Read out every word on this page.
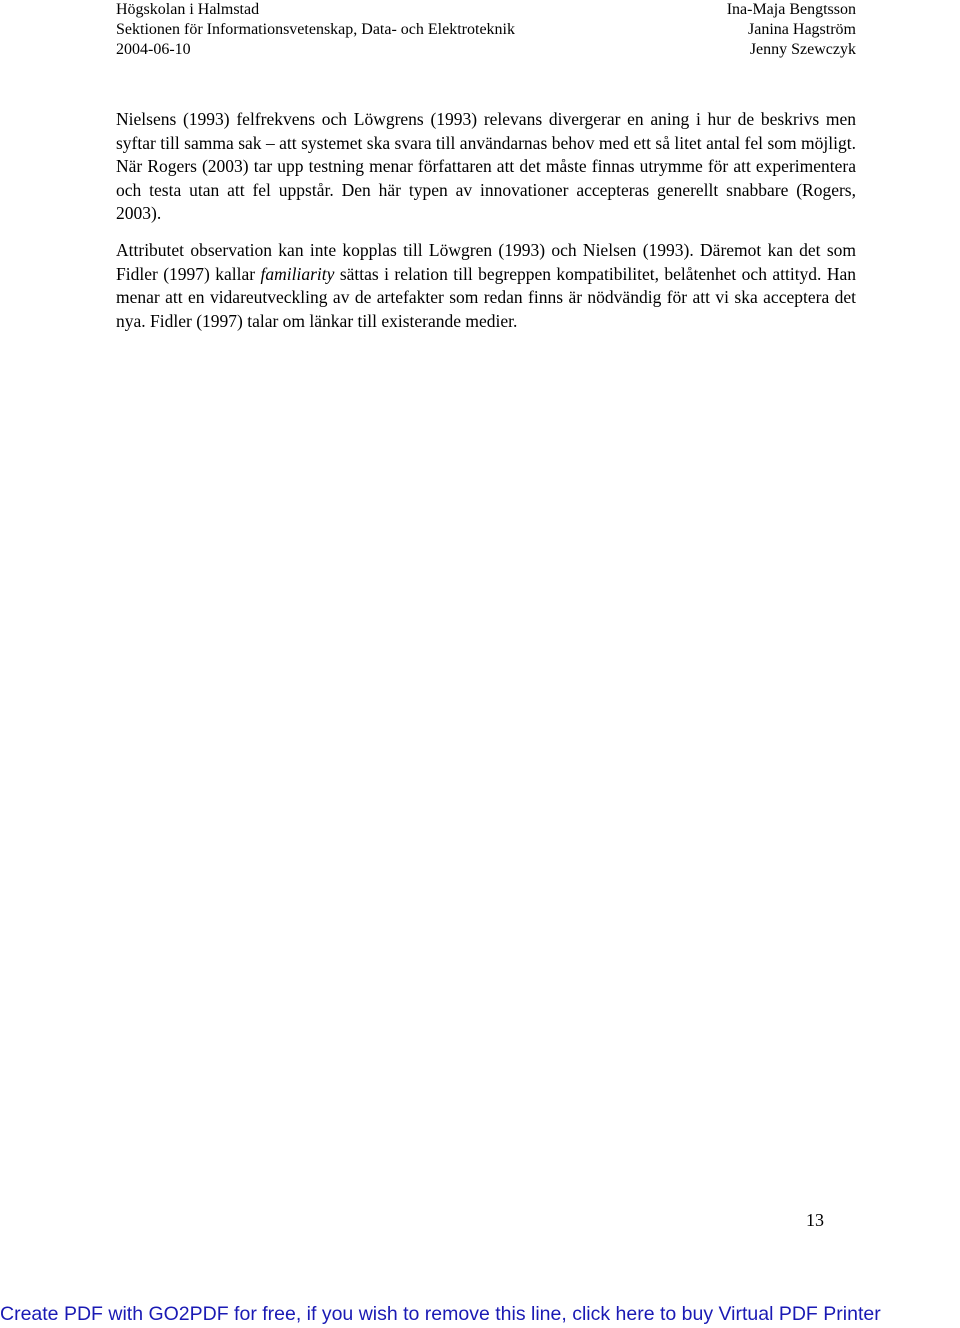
Högskolan i Halmstad
Sektionen för Informationsvetenskap, Data- och Elektroteknik
2004-06-10
Ina-Maja Bengtsson
Janina Hagström
Jenny Szewczyk

Nielsens (1993) felfrekvens och Löwgrens (1993) relevans divergerar en aning i hur de beskrivs men syftar till samma sak – att systemet ska svara till användarnas behov med ett så litet antal fel som möjligt. När Rogers (2003) tar upp testning menar författaren att det måste finnas utrymme för att experimentera och testa utan att fel uppstår. Den här typen av innovationer accepteras generellt snabbare (Rogers, 2003).

Attributet observation kan inte kopplas till Löwgren (1993) och Nielsen (1993). Däremot kan det som Fidler (1997) kallar familiarity sättas i relation till begreppen kompatibilitet, belåtenhet och attityd. Han menar att en vidareutveckling av de artefakter som redan finns är nödvändig för att vi ska acceptera det nya. Fidler (1997) talar om länkar till existerande medier.

13
Create PDF with GO2PDF for free, if you wish to remove this line, click here to buy Virtual PDF Printer
